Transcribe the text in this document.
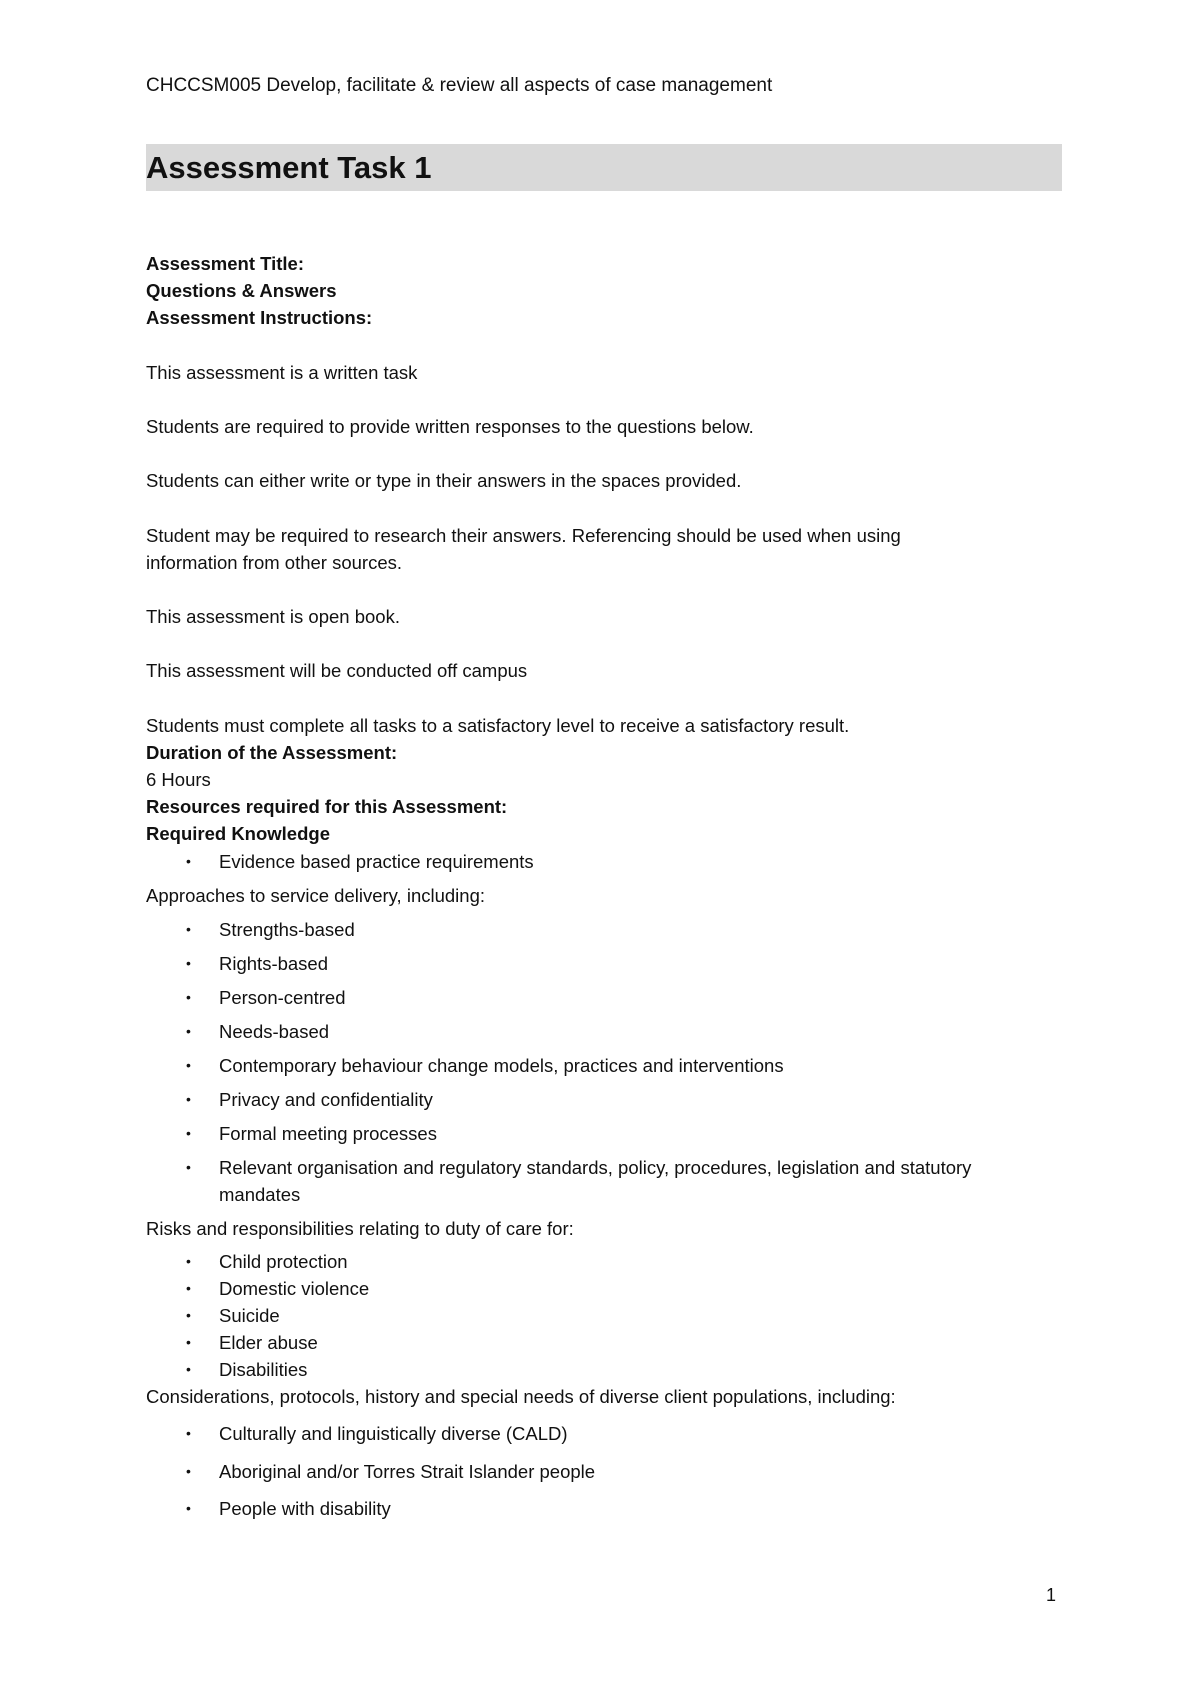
CHCCSM005 Develop, facilitate & review all aspects of case management
Assessment Task 1
Assessment Title:
Questions & Answers
Assessment Instructions:
This assessment is a written task
Students are required to provide written responses to the questions below.
Students can either write or type in their answers in the spaces provided.
Student may be required to research their answers. Referencing should be used when using
information from other sources.
This assessment is open book.
This assessment will be conducted off campus
Students must complete all tasks to a satisfactory level to receive a satisfactory result.
Duration of the Assessment:
6 Hours
Resources required for this Assessment:
Required Knowledge
• Evidence based practice requirements
Approaches to service delivery, including:
• Strengths-based
• Rights-based
• Person-centred
• Needs-based
• Contemporary behaviour change models, practices and interventions
• Privacy and confidentiality
• Formal meeting processes
• Relevant organisation and regulatory standards, policy, procedures, legislation and statutory
mandates
Risks and responsibilities relating to duty of care for:
• Child protection
• Domestic violence
• Suicide
• Elder abuse
• Disabilities
Considerations, protocols, history and special needs of diverse client populations, including:
• Culturally and linguistically diverse (CALD)
• Aboriginal and/or Torres Strait Islander people
• People with disability
1
